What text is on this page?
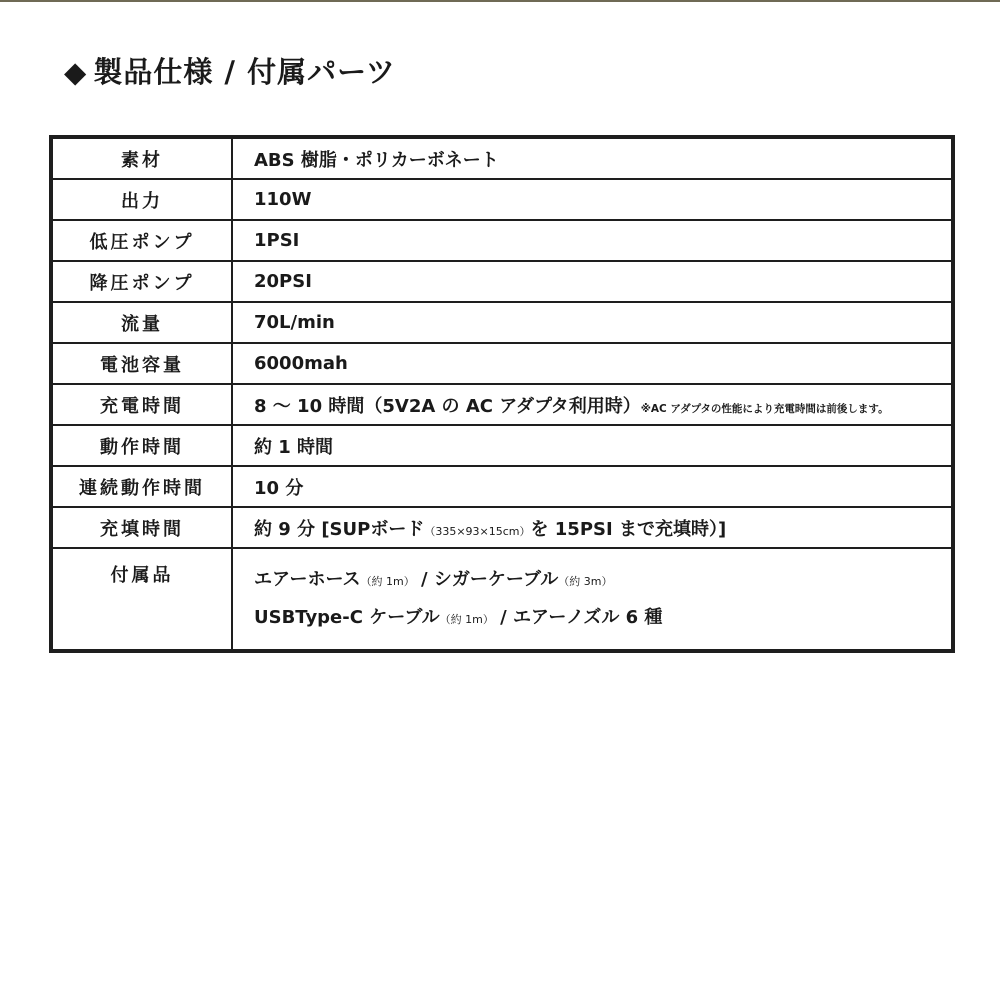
◆ 製品仕様 / 付属パーツ
素材	ABS 樹脂・ポリカーボネート
出力	110W
低圧ポンプ	1PSI
降圧ポンプ	20PSI
流量	70L/min
電池容量	6000mah
充電時間	8 ～ 10 時間（5V2A の AC アダプタ利用時）※AC アダプタの性能により充電時間は前後します。
動作時間	約 1 時間
連続動作時間	10 分
充填時間	約 9 分 [SUPボード（335×93×15cm）を 15PSI まで充填時）]
付属品	エアーホース（約 1m） / シガーケーブル（約 3m）
USBType-C ケーブル（約 1m） / エアーノズル 6 種
